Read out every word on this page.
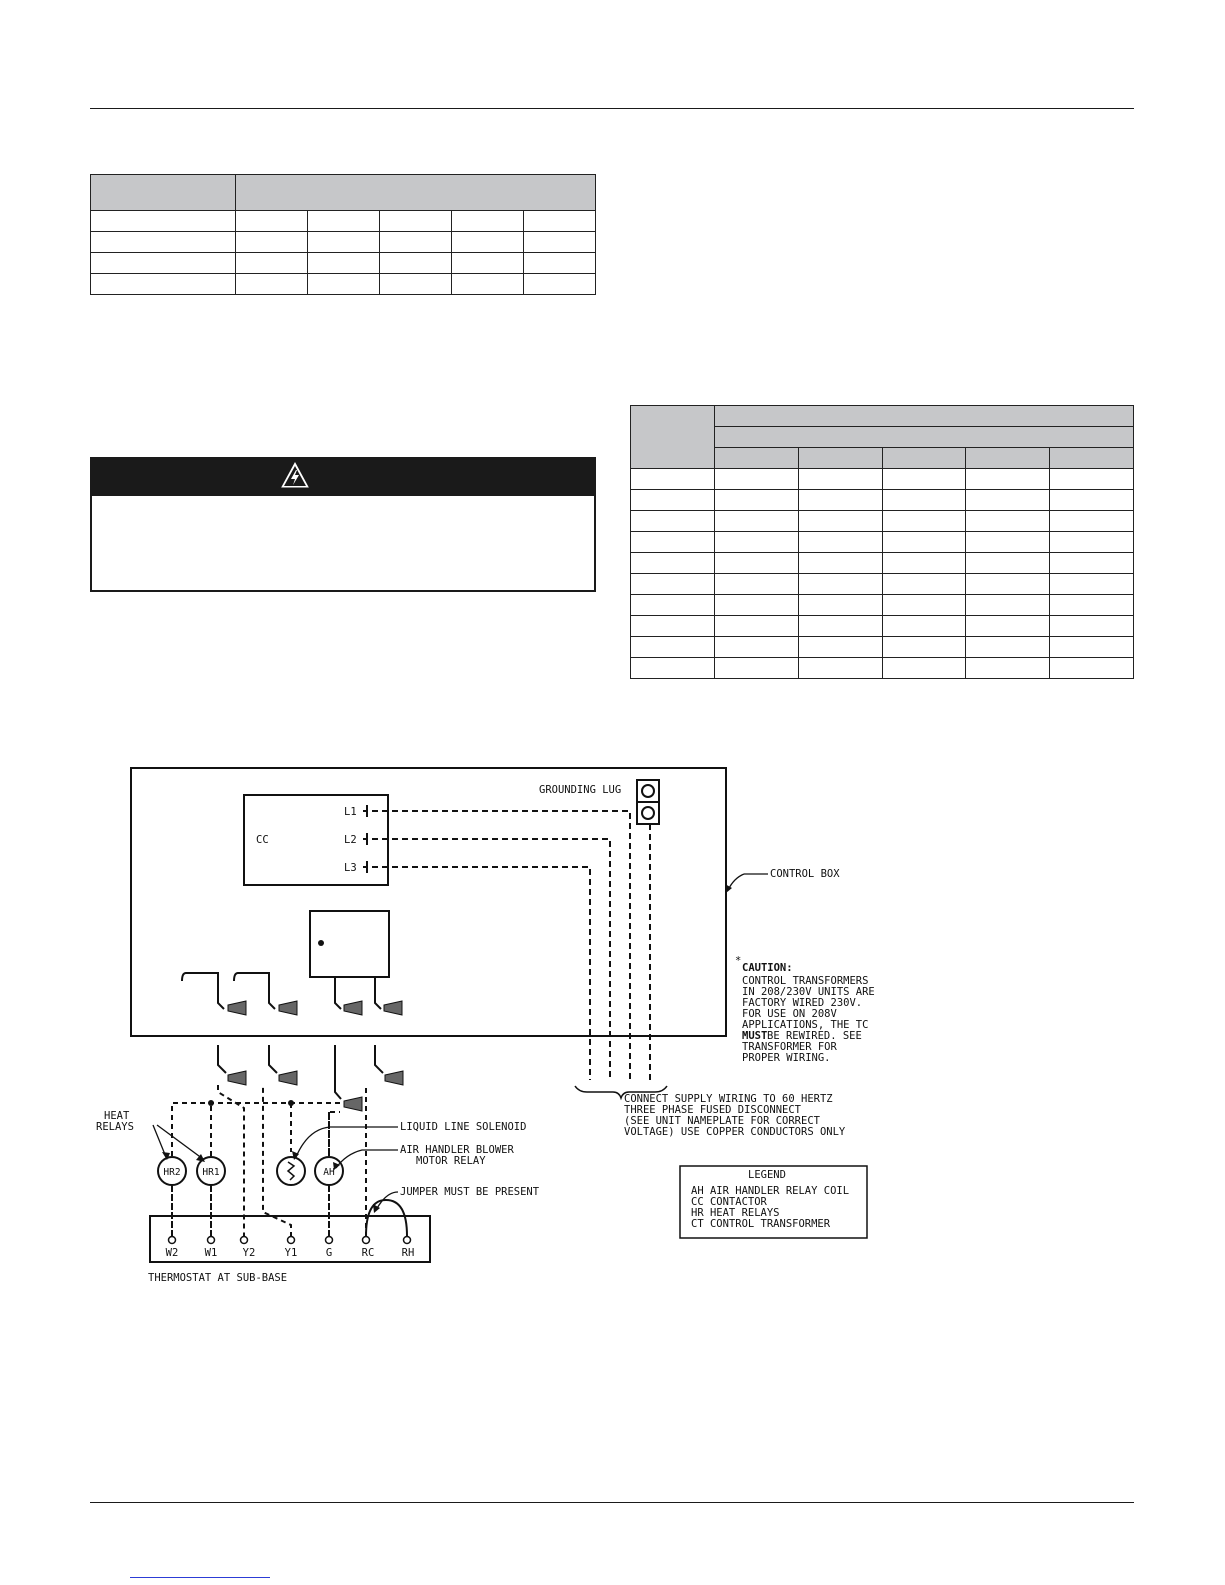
GROUNDING LUG
CC
L1
L2
L3	CONTROL BOX
*
CAUTION:
CONTROL TRANSFORMERS
IN 208/230V UNITS ARE
FACTORY WIRED 230V.
FOR USE ON 208V
APPLICATIONS, THE TC
MUST BE REWIRED. SEE
TRANSFORMER FOR
PROPER WIRING.
CONNECT SUPPLY WIRING TO 60 HERTZ
THREE PHASE FUSED DISCONNECT
(SEE UNIT NAMEPLATE FOR CORRECT
VOLTAGE) USE COPPER CONDUCTORS ONLY
HEAT
RELAYS	LIQUID LINE SOLENOID
AIR HANDLER BLOWER
MOTOR RELAY
JUMPER MUST BE PRESENT
HR2 HR1	AH
W2	W1 Y2	Y1	G	RC	RH
THERMOSTAT AT SUB-BASE
LEGEND
AH AIR HANDLER RELAY COIL
CC CONTACTOR
HR HEAT RELAYS
CT CONTROL TRANSFORMER
